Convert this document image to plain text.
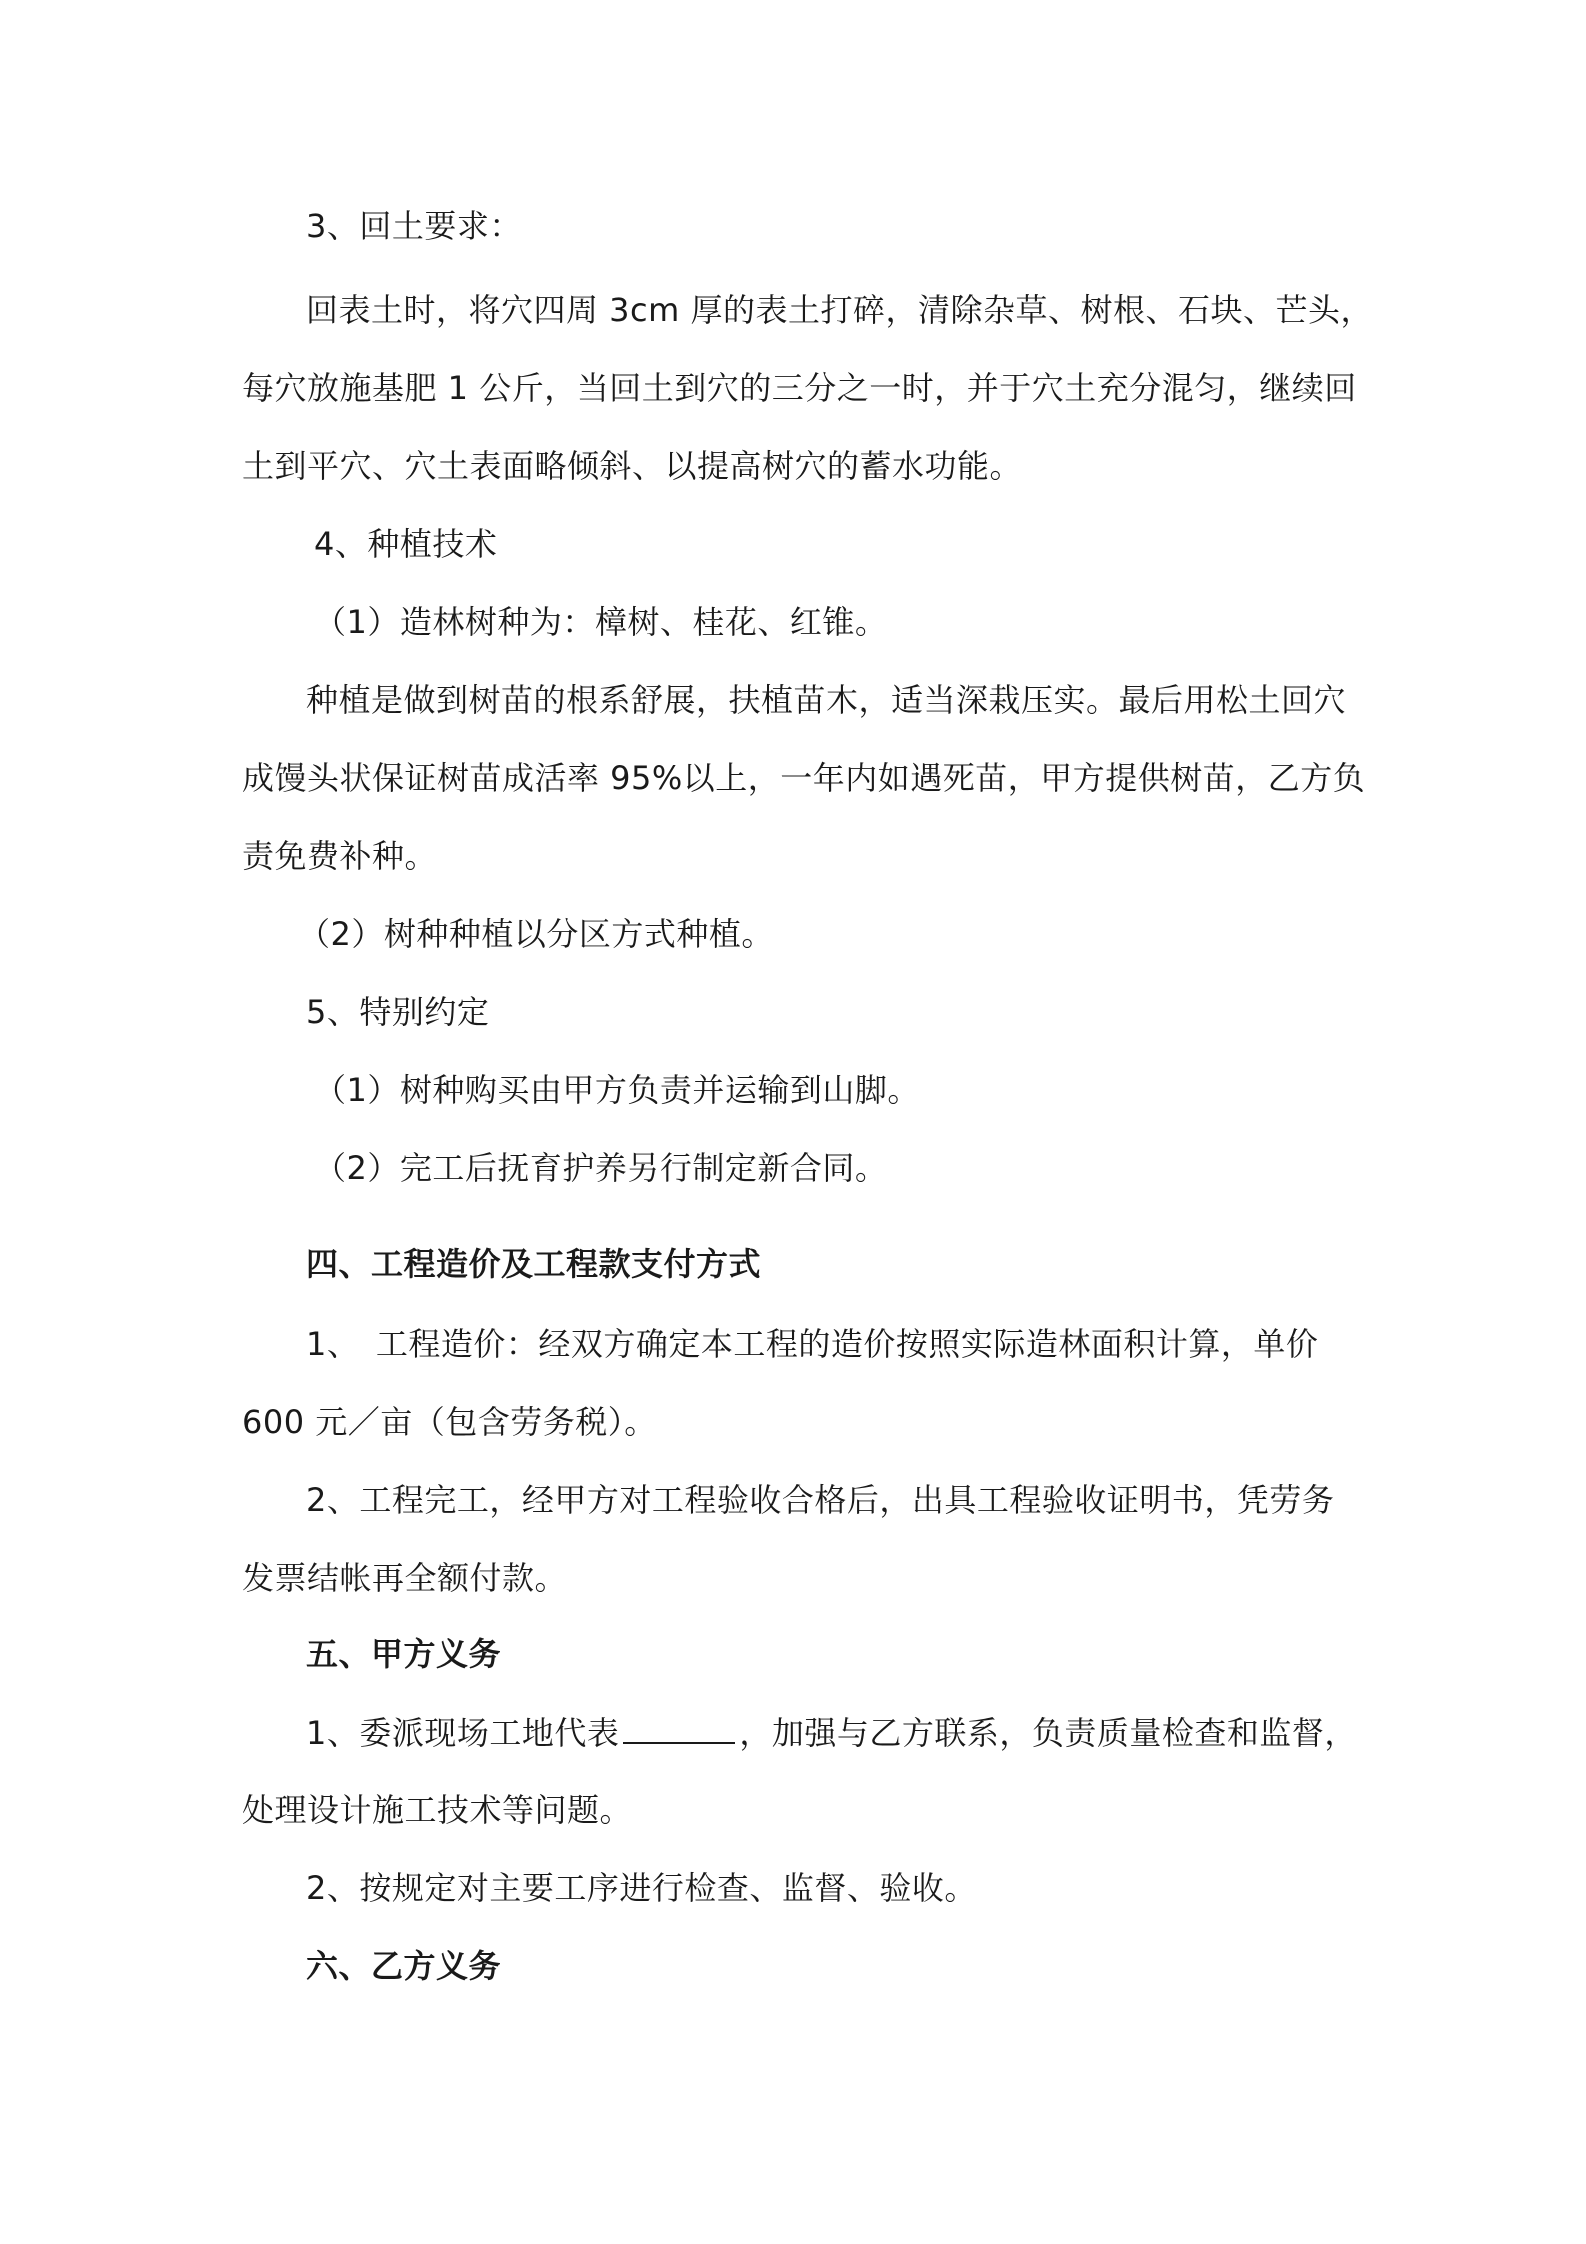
3、回土要求：
回表土时，将穴四周 3cm 厚的表土打碎，清除杂草、树根、石块、芒头，
每穴放施基肥 1 公斤，当回土到穴的三分之一时，并于穴土充分混匀，继续回
土到平穴、穴土表面略倾斜、以提高树穴的蓄水功能。
4、种植技术
（1）造林树种为：樟树、桂花、红锥。
种植是做到树苗的根系舒展，扶植苗木，适当深栽压实。最后用松土回穴
成馒头状保证树苗成活率 95%以上，一年内如遇死苗，甲方提供树苗，乙方负
责免费补种。
（2）树种种植以分区方式种植。
5、特别约定
（1）树种购买由甲方负责并运输到山脚。
（2）完工后抚育护养另行制定新合同。
四、工程造价及工程款支付方式
1、　工程造价：经双方确定本工程的造价按照实际造林面积计算，单价
600 元／亩（包含劳务税）。
2、工程完工，经甲方对工程验收合格后，出具工程验收证明书，凭劳务
发票结帐再全额付款。
五、甲方义务
1、委派现场工地代表	，加强与乙方联系，负责质量检查和监督，
处理设计施工技术等问题。
2、按规定对主要工序进行检查、监督、验收。
六、乙方义务
